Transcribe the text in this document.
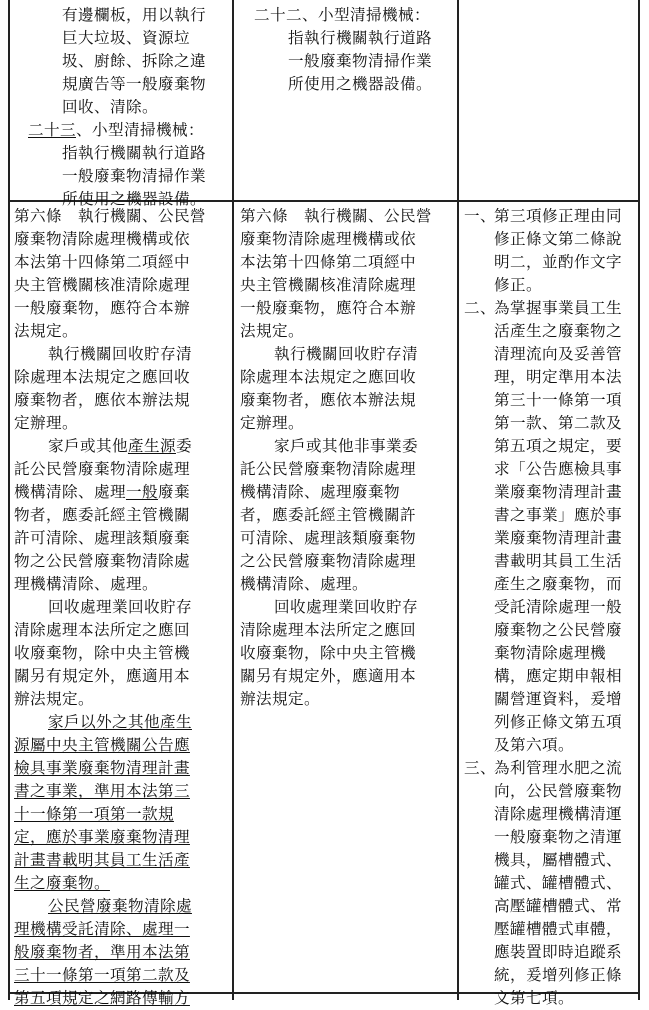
有邊欄板，用以執行
巨大垃圾、資源垃
圾、廚餘、拆除之違
規廣告等一般廢棄物
回收、清除。
二十三、小型清掃機械：
指執行機關執行道路
一般廢棄物清掃作業
所使用之機器設備。
二十二、小型清掃機械：
指執行機關執行道路
一般廢棄物清掃作業
所使用之機器設備。
第六條　執行機關、公民營
廢棄物清除處理機構或依
本法第十四條第二項經中
央主管機關核准清除處理
一般廢棄物，應符合本辦
法規定。
執行機關回收貯存清
除處理本法規定之應回收
廢棄物者，應依本辦法規
定辦理。
家戶或其他產生源委
託公民營廢棄物清除處理
機構清除、處理一般廢棄
物者，應委託經主管機關
許可清除、處理該類廢棄
物之公民營廢棄物清除處
理機構清除、處理。
回收處理業回收貯存
清除處理本法所定之應回
收廢棄物，除中央主管機
關另有規定外，應適用本
辦法規定。
家戶以外之其他產生
源屬中央主管機關公告應
檢具事業廢棄物清理計畫
書之事業，準用本法第三
十一條第一項第一款規
定，應於事業廢棄物清理
計畫書載明其員工生活產
生之廢棄物。
公民營廢棄物清除處
理機構受託清除、處理一
般廢棄物者，準用本法第
三十一條第一項第二款及
第五項規定之網路傳輸方
第六條　執行機關、公民營
廢棄物清除處理機構或依
本法第十四條第二項經中
央主管機關核准清除處理
一般廢棄物，應符合本辦
法規定。
執行機關回收貯存清
除處理本法規定之應回收
廢棄物者，應依本辦法規
定辦理。
家戶或其他非事業委
託公民營廢棄物清除處理
機構清除、處理廢棄物
者，應委託經主管機關許
可清除、處理該類廢棄物
之公民營廢棄物清除處理
機構清除、處理。
回收處理業回收貯存
清除處理本法所定之應回
收廢棄物，除中央主管機
關另有規定外，應適用本
辦法規定。
一、第三項修正理由同
修正條文第二條說
明二，並酌作文字
修正。
二、為掌握事業員工生
活產生之廢棄物之
清理流向及妥善管
理，明定準用本法
第三十一條第一項
第一款、第二款及
第五項之規定，要
求「公告應檢具事
業廢棄物清理計畫
書之事業」應於事
業廢棄物清理計畫
書載明其員工生活
產生之廢棄物，而
受託清除處理一般
廢棄物之公民營廢
棄物清除處理機
構，應定期申報相
關營運資料，爰增
列修正條文第五項
及第六項。
三、為利管理水肥之流
向，公民營廢棄物
清除處理機構清運
一般廢棄物之清運
機具，屬槽體式、
罐式、罐槽體式、
高壓罐槽體式、常
壓罐槽體式車體，
應裝置即時追蹤系
統，爰增列修正條
文第七項。
